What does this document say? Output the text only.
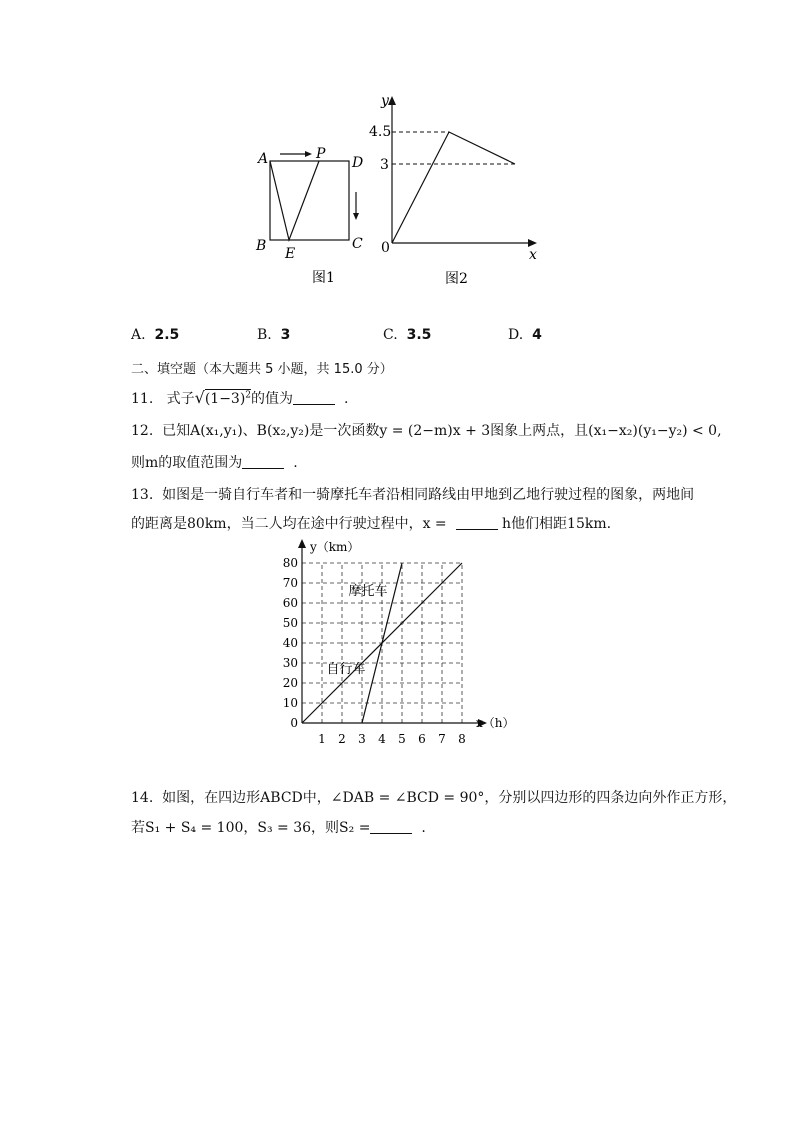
A	P
D
B E
C
图1
y
4.5
3
0	x
图2
A. 2.5	B. 3	C. 3.5	D. 4
二、填空题（本大题共 5 小题，共 15.0 分）
11. 式子$√(1-3)^2$的值为	.
12. 已知A(x₁,y₁)、B(x₂,y₂)是一次函数y = (2−m)x + 3图象上两点，且(x₁−x₂)(y₁−y₂) < 0,
则m的取值范围为	.
13. 如图是一骑自行车者和一骑摩托车者沿相同路线由甲地到乙地行驶过程的图象，两地间
的距离是80km，当二人均在途中行驶过程中，x =	h他们相距15km.
0
10
20
30
40
50
60
70
80
1 2 3 4 5 6 7 8
y（km）
x（h）
自行车
摩托车
14. 如图，在四边形ABCD中，∠DAB = ∠BCD = 90°，分别以四边形的四条边向外作正方形，
若S₁ + S₄ = 100，S₃ = 36，则S₂ =	.
